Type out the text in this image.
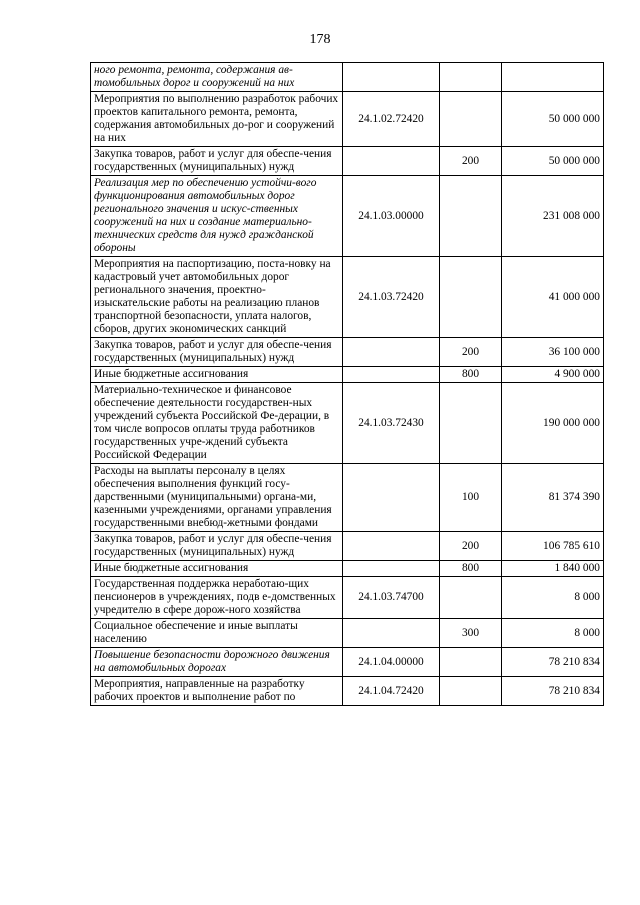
178
ного ремонта, ремонта, содержания ав-томобильных дорог и сооружений на них			
Мероприятия по выполнению разработок рабочих проектов капитального ремонта, ремонта, содержания автомобильных до-рог и сооружений на них	24.1.02.72420		50 000 000
Закупка товаров, работ и услуг для обеспе-чения государственных (муниципальных) нужд		200	50 000 000
Реализация мер по обеспечению устойчи-вого функционирования автомобильных дорог регионального значения и искус-ственных сооружений на них и создание материально-технических средств для нужд гражданской обороны	24.1.03.00000		231 008 000
Мероприятия на паспортизацию, поста-новку на кадастровый учет автомобильных дорог регионального значения, проектно-изыскательские работы на реализацию планов транспортной безопасности, уплата налогов, сборов, других экономических санкций	24.1.03.72420		41 000 000
Закупка товаров, работ и услуг для обеспе-чения государственных (муниципальных) нужд		200	36 100 000
Иные бюджетные ассигнования		800	4 900 000
Материально-техническое и финансовое обеспечение деятельности государствен-ных учреждений субъекта Российской Фе-дерации, в том числе вопросов оплаты труда работников государственных учре-ждений субъекта Российской Федерации	24.1.03.72430		190 000 000
Расходы на выплаты персоналу в целях обеспечения выполнения функций госу-дарственными (муниципальными) органа-ми, казенными учреждениями, органами управления государственными внебюд-жетными фондами		100	81 374 390
Закупка товаров, работ и услуг для обеспе-чения государственных (муниципальных) нужд		200	106 785 610
Иные бюджетные ассигнования		800	1 840 000
Государственная поддержка неработаю-щих пенсионеров в учреждениях, подв е-домственных учредителю в сфере дорож-ного хозяйства	24.1.03.74700		8 000
Социальное обеспечение и иные выплаты населению		300	8 000
Повышение безопасности дорожного движения на автомобильных дорогах	24.1.04.00000		78 210 834
Мероприятия, направленные на разработку рабочих проектов и выполнение работ по	24.1.04.72420		78 210 834
